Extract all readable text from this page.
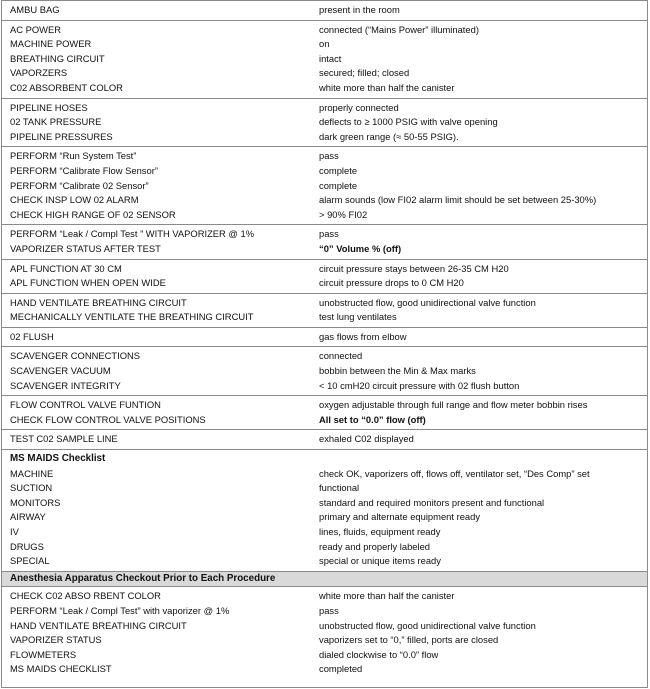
AMBU BAG	present in the room
AC POWER	connected (“Mains Power” illuminated)
MACHINE POWER	on
BREATHING CIRCUIT	intact
VAPORZERS	secured; filled; closed
C02 ABSORBENT COLOR	white more than half the canister
PIPELINE HOSES	properly connected
02 TANK PRESSURE	deflects to ≥ 1000 PSIG with valve opening
PIPELINE PRESSURES	dark green range (≈ 50-55 PSIG).
PERFORM “Run System Test”	pass
PERFORM “Calibrate Flow Sensor”	complete
PERFORM “Calibrate 02 Sensor”	complete
CHECK INSP LOW 02 ALARM	alarm sounds (low FI02 alarm limit should be set between 25-30%)
CHECK HIGH RANGE OF 02 SENSOR	> 90% FI02
PERFORM “Leak / Compl Test ” WITH VAPORIZER @ 1%	pass
VAPORIZER STATUS AFTER TEST	“0” Volume % (off)
APL FUNCTION AT 30 CM	circuit pressure stays between 26-35 CM H20
APL FUNCTION WHEN OPEN WIDE	circuit pressure drops to 0 CM H20
HAND VENTILATE BREATHING CIRCUIT	unobstructed flow, good unidirectional valve function
MECHANICALLY VENTILATE THE BREATHING CIRCUIT	test lung ventilates
02 FLUSH	gas flows from elbow
SCAVENGER CONNECTIONS	connected
SCAVENGER VACUUM	bobbin between the Min & Max marks
SCAVENGER INTEGRITY	< 10 cmH20 circuit pressure with 02 flush button
FLOW CONTROL VALVE FUNTION	oxygen adjustable through full range and flow meter bobbin rises
CHECK FLOW CONTROL VALVE POSITIONS	All set to “0.0” flow (off)
TEST C02 SAMPLE LINE	exhaled C02 displayed
MS MAIDS Checklist
MACHINE	check OK, vaporizers off, flows off, ventilator set, “Des Comp” set
SUCTION	functional
MONITORS	standard and required monitors present and functional
AIRWAY	primary and alternate equipment ready
IV	lines, fluids, equipment ready
DRUGS	ready and properly labeled
SPECIAL	special or unique items ready
Anesthesia Apparatus Checkout Prior to Each Procedure
CHECK C02 ABSO RBENT COLOR	white more than half the canister
PERFORM “Leak / Compl Test” with vaporizer @ 1%	pass
HAND VENTILATE BREATHING CIRCUIT	unobstructed flow, good unidirectional valve function
VAPORIZER STATUS	vaporizers set to “0,” filled, ports are closed
FLOWMETERS	dialed clockwise to “0.0” flow
MS MAIDS CHECKLIST	completed
